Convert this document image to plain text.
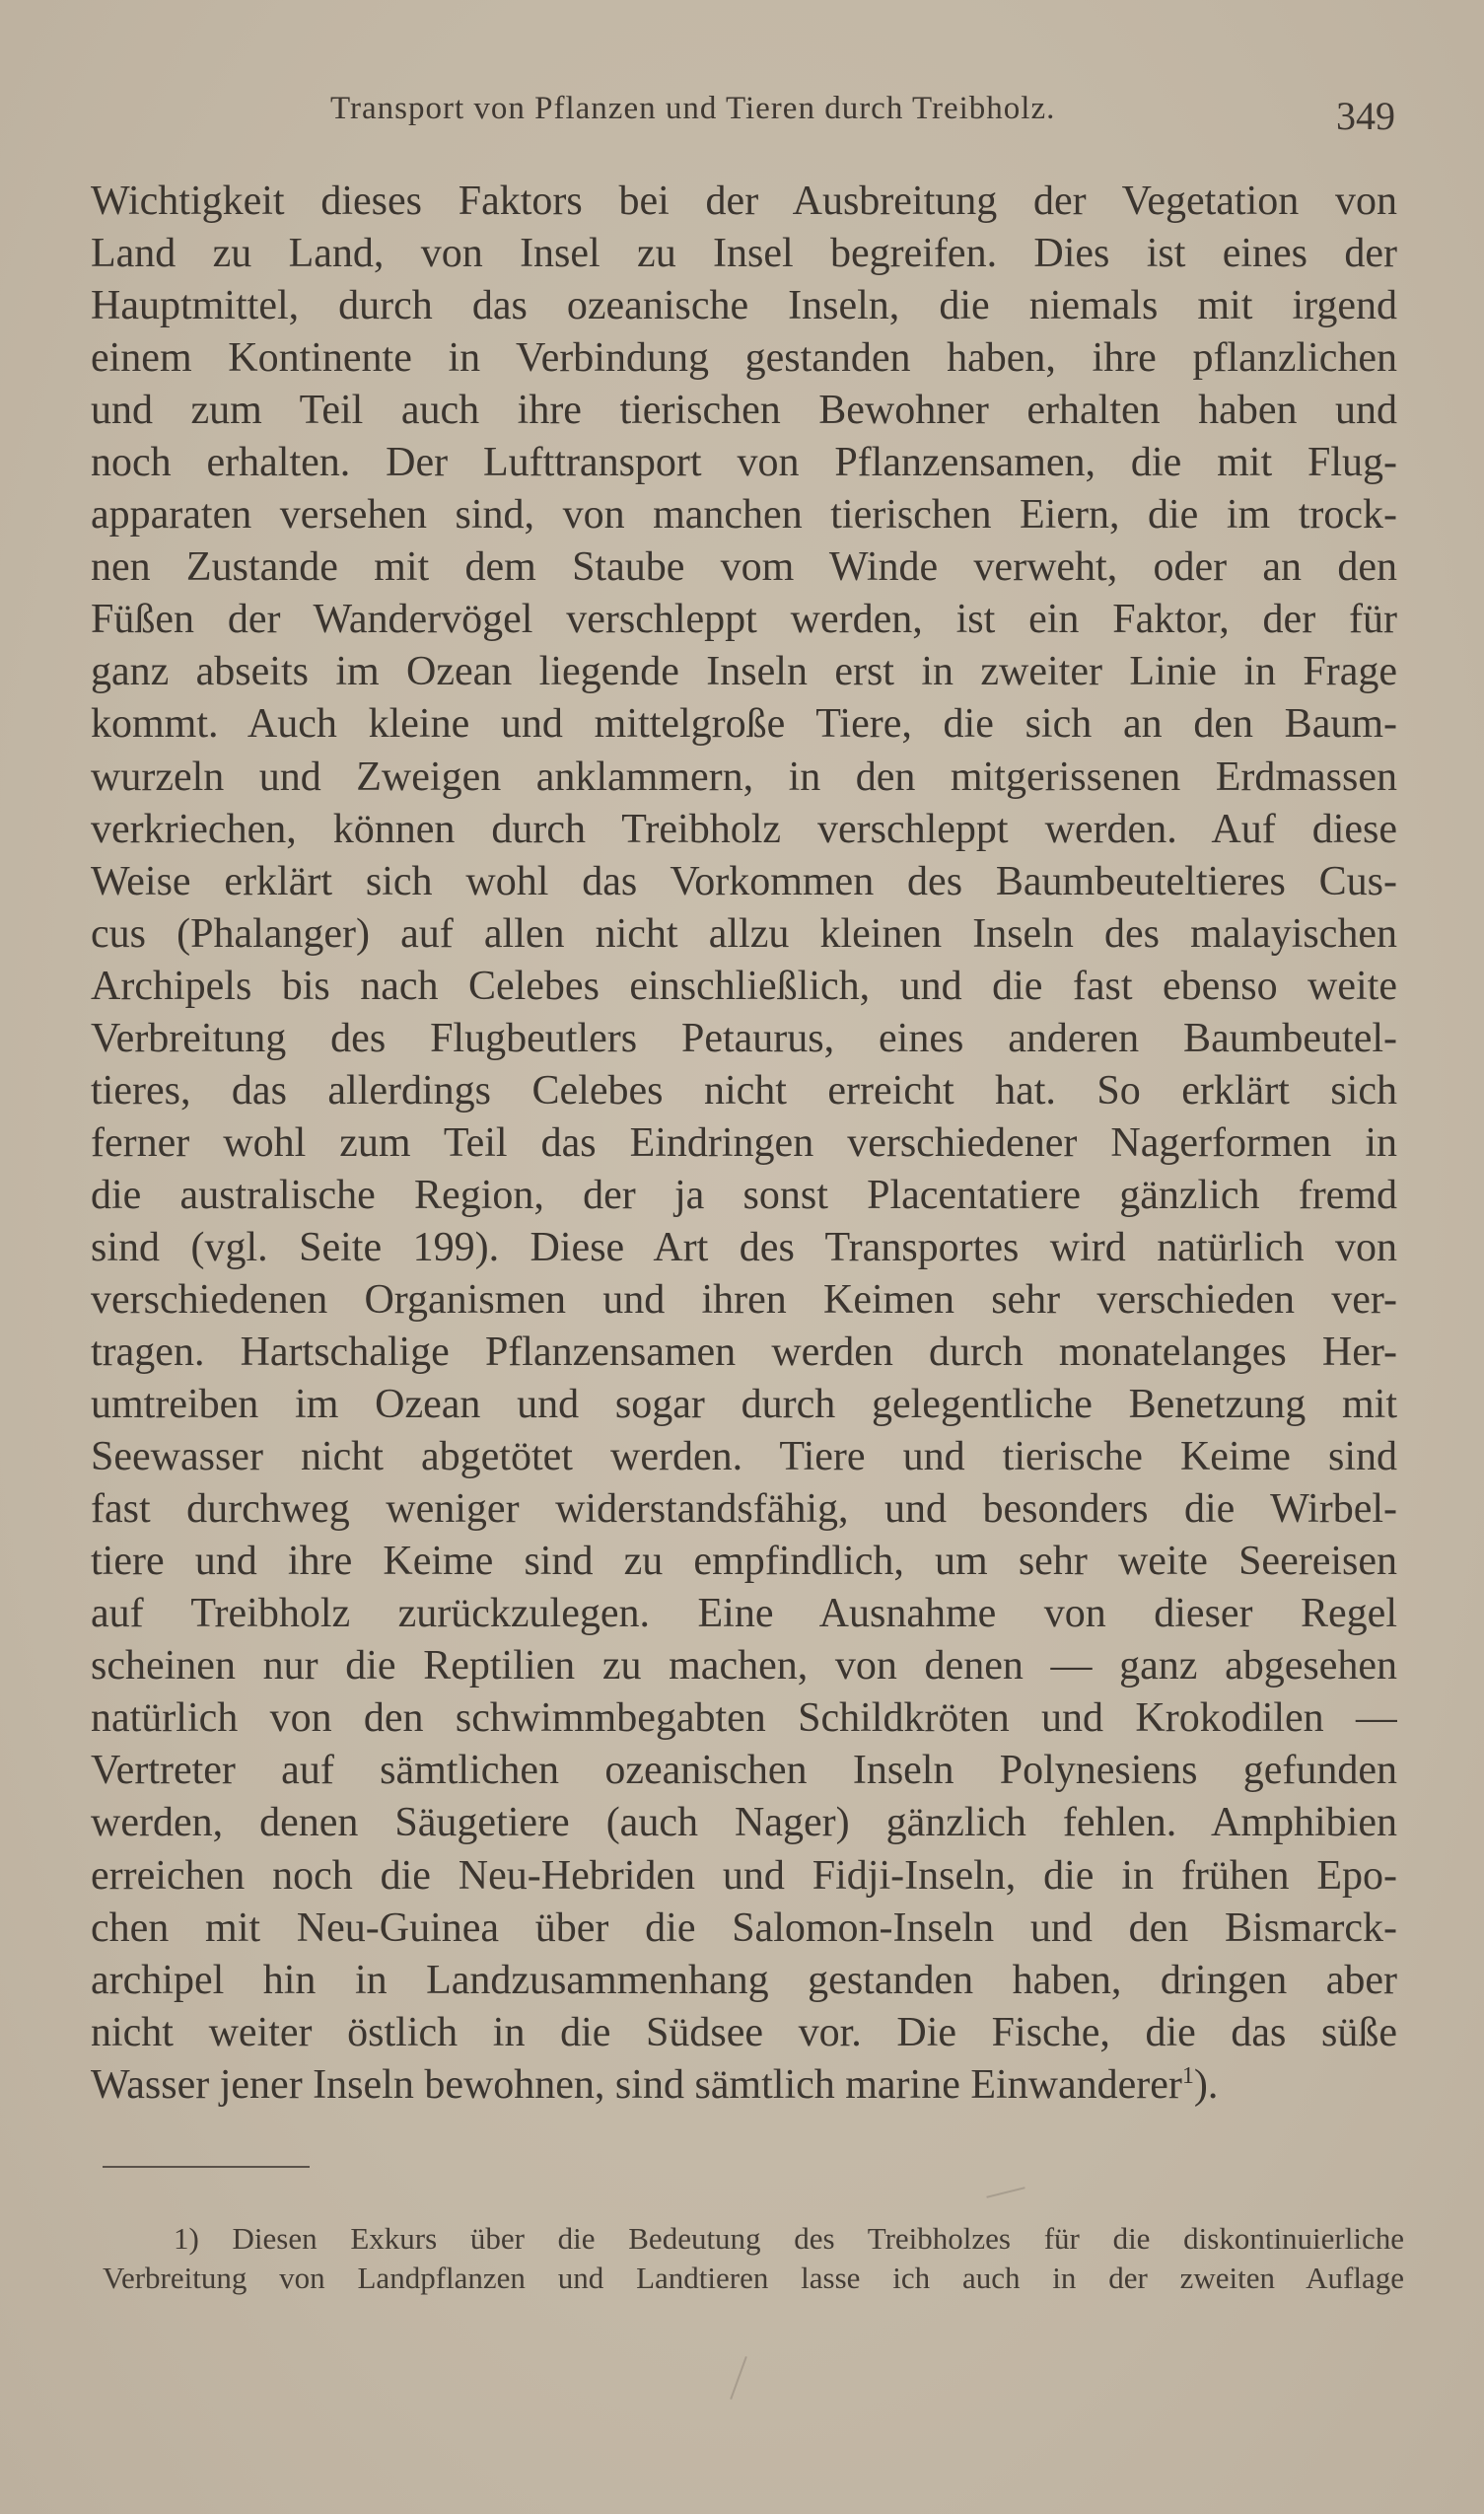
Transport von Pflanzen und Tieren durch Treibholz.	349
Wichtigkeit dieses Faktors bei der Ausbreitung der Vegetation von
Land zu Land, von Insel zu Insel begreifen. Dies ist eines der
Hauptmittel, durch das ozeanische Inseln, die niemals mit irgend
einem Kontinente in Verbindung gestanden haben, ihre pflanzlichen
und zum Teil auch ihre tierischen Bewohner erhalten haben und
noch erhalten. Der Lufttransport von Pflanzensamen, die mit Flug-
apparaten versehen sind, von manchen tierischen Eiern, die im trock-
nen Zustande mit dem Staube vom Winde verweht, oder an den
Füßen der Wandervögel verschleppt werden, ist ein Faktor, der für
ganz abseits im Ozean liegende Inseln erst in zweiter Linie in Frage
kommt. Auch kleine und mittelgroße Tiere, die sich an den Baum-
wurzeln und Zweigen anklammern, in den mitgerissenen Erdmassen
verkriechen, können durch Treibholz verschleppt werden. Auf diese
Weise erklärt sich wohl das Vorkommen des Baumbeuteltieres Cus-
cus (Phalanger) auf allen nicht allzu kleinen Inseln des malayischen
Archipels bis nach Celebes einschließlich, und die fast ebenso weite
Verbreitung des Flugbeutlers Petaurus, eines anderen Baumbeutel-
tieres, das allerdings Celebes nicht erreicht hat. So erklärt sich
ferner wohl zum Teil das Eindringen verschiedener Nagerformen in
die australische Region, der ja sonst Placentatiere gänzlich fremd
sind (vgl. Seite 199). Diese Art des Transportes wird natürlich von
verschiedenen Organismen und ihren Keimen sehr verschieden ver-
tragen. Hartschalige Pflanzensamen werden durch monatelanges Her-
umtreiben im Ozean und sogar durch gelegentliche Benetzung mit
Seewasser nicht abgetötet werden. Tiere und tierische Keime sind
fast durchweg weniger widerstandsfähig, und besonders die Wirbel-
tiere und ihre Keime sind zu empfindlich, um sehr weite Seereisen
auf Treibholz zurückzulegen. Eine Ausnahme von dieser Regel
scheinen nur die Reptilien zu machen, von denen — ganz abgesehen
natürlich von den schwimmbegabten Schildkröten und Krokodilen —
Vertreter auf sämtlichen ozeanischen Inseln Polynesiens gefunden
werden, denen Säugetiere (auch Nager) gänzlich fehlen. Amphibien
erreichen noch die Neu-Hebriden und Fidji-Inseln, die in frühen Epo-
chen mit Neu-Guinea über die Salomon-Inseln und den Bismarck-
archipel hin in Landzusammenhang gestanden haben, dringen aber
nicht weiter östlich in die Südsee vor. Die Fische, die das süße
Wasser jener Inseln bewohnen, sind sämtlich marine Einwanderer$^1$).
1) Diesen Exkurs über die Bedeutung des Treibholzes für die diskontinuierliche
Verbreitung von Landpflanzen und Landtieren lasse ich auch in der zweiten Auflage
